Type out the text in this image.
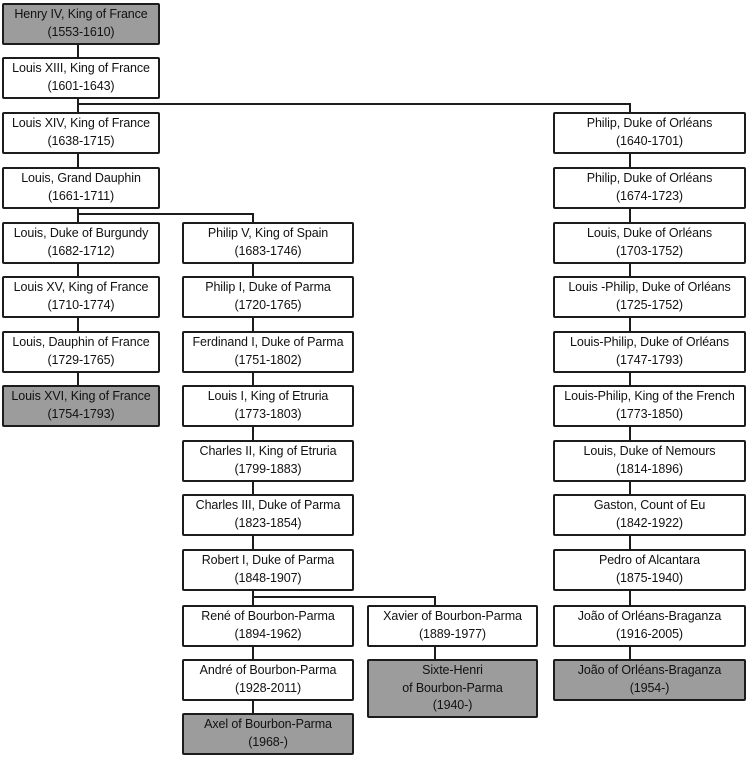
Henry IV, King of France
(1553-1610)
Louis XIII, King of France
(1601-1643)
Louis XIV, King of France
(1638-1715)
Philip, Duke of Orléans
(1640-1701)
Louis, Grand Dauphin
(1661-1711)
Philip, Duke of Orléans
(1674-1723)
Louis, Duke of Burgundy
(1682-1712)
Philip V, King of Spain
(1683-1746)
Louis, Duke of Orléans
(1703-1752)
Louis XV, King of France
(1710-1774)
Philip I, Duke of Parma
(1720-1765)
Louis -Philip, Duke of Orléans
(1725-1752)
Louis, Dauphin of France
(1729-1765)
Ferdinand I, Duke of Parma
(1751-1802)
Louis-Philip, Duke of Orléans
(1747-1793)
Louis XVI, King of France
(1754-1793)
Louis I, King of Etruria
(1773-1803)
Louis-Philip, King of the French
(1773-1850)
Charles II, King of Etruria
(1799-1883)
Louis, Duke of Nemours
(1814-1896)
Charles III, Duke of Parma
(1823-1854)
Gaston, Count of Eu
(1842-1922)
Robert I, Duke of Parma
(1848-1907)
Pedro of Alcantara
(1875-1940)
René of Bourbon-Parma
(1894-1962)
Xavier of Bourbon-Parma
(1889-1977)
João of Orléans-Braganza
(1916-2005)
André of Bourbon-Parma
(1928-2011)
Sixte-Henri
of Bourbon-Parma
(1940-)
João of Orléans-Braganza
(1954-)
Axel of Bourbon-Parma
(1968-)
